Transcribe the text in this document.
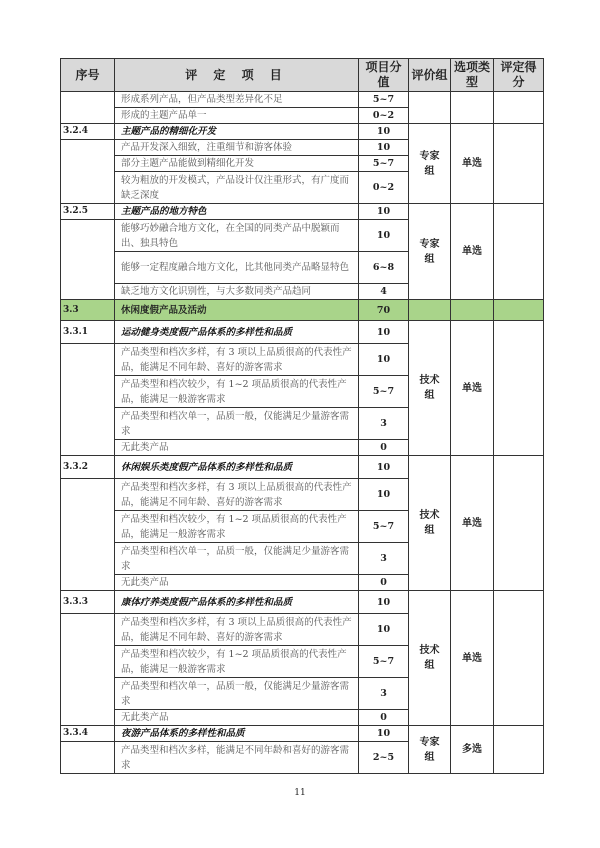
序号	评 定 项 目	项目分值	评价组	选项类型	评定得分
	形成系列产品，但产品类型差异化不足	5~7			
	形成的主题产品单一	0~2			
3.2.4	主题产品的精细化开发	10	专家组	单选	
	产品开发深入细致，注重细节和游客体验	10			
	部分主题产品能做到精细化开发	5~7			
	较为粗放的开发模式，产品设计仅注重形式，有广度而缺乏深度	0~2			
3.2.5	主题产品的地方特色	10	专家组	单选	
	能够巧妙融合地方文化，在全国的同类产品中脱颖而出、独具特色	10			
	能够一定程度融合地方文化，比其他同类产品略显特色	6~8			
	缺乏地方文化识别性，与大多数同类产品趋同	4			
3.3	休闲度假产品及活动	70			
3.3.1	运动健身类度假产品体系的多样性和品质	10	技术组	单选	
	产品类型和档次多样，有 3 项以上品质很高的代表性产品，能满足不同年龄、喜好的游客需求	10			
	产品类型和档次较少，有 1~2 项品质很高的代表性产品，能满足一般游客需求	5~7			
	产品类型和档次单一，品质一般，仅能满足少量游客需求	3			
	无此类产品	0			
3.3.2	休闲娱乐类度假产品体系的多样性和品质	10	技术组	单选	
	产品类型和档次多样，有 3 项以上品质很高的代表性产品，能满足不同年龄、喜好的游客需求	10			
	产品类型和档次较少，有 1~2 项品质很高的代表性产品，能满足一般游客需求	5~7			
	产品类型和档次单一，品质一般，仅能满足少量游客需求	3			
	无此类产品	0			
3.3.3	康体疗养类度假产品体系的多样性和品质	10	技术组	单选	
	产品类型和档次多样，有 3 项以上品质很高的代表性产品，能满足不同年龄、喜好的游客需求	10			
	产品类型和档次较少，有 1~2 项品质很高的代表性产品，能满足一般游客需求	5~7			
	产品类型和档次单一，品质一般，仅能满足少量游客需求	3			
	无此类产品	0			
3.3.4	夜游产品体系的多样性和品质	10	专家组	多选	
	产品类型和档次多样，能满足不同年龄和喜好的游客需求	2~5			
11
